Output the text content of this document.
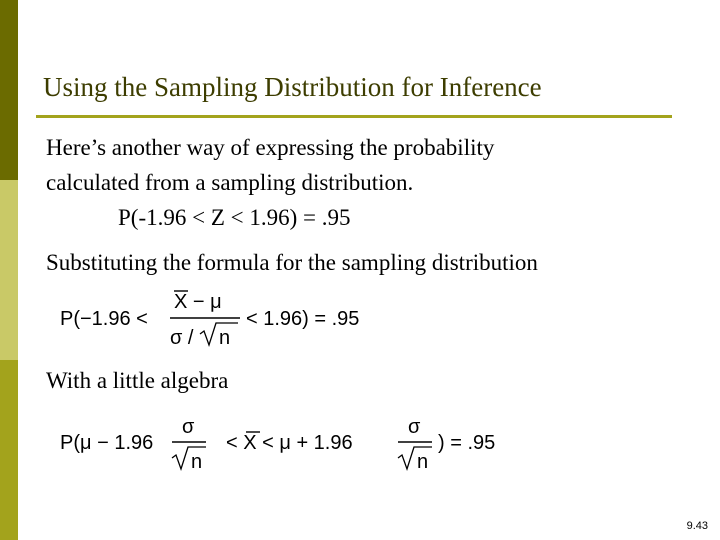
Using the Sampling Distribution for Inference
Here’s another way of expressing the probability
calculated from a sampling distribution.
P(-1.96 < Z < 1.96) = .95
Substituting the formula for the sampling distribution
P(−1.96 <
X − μ
σ / n
< 1.96) = .95
With a little algebra
P(μ − 1.96
σ
n
< X < μ + 1.96
σ
n
) = .95
9.43
